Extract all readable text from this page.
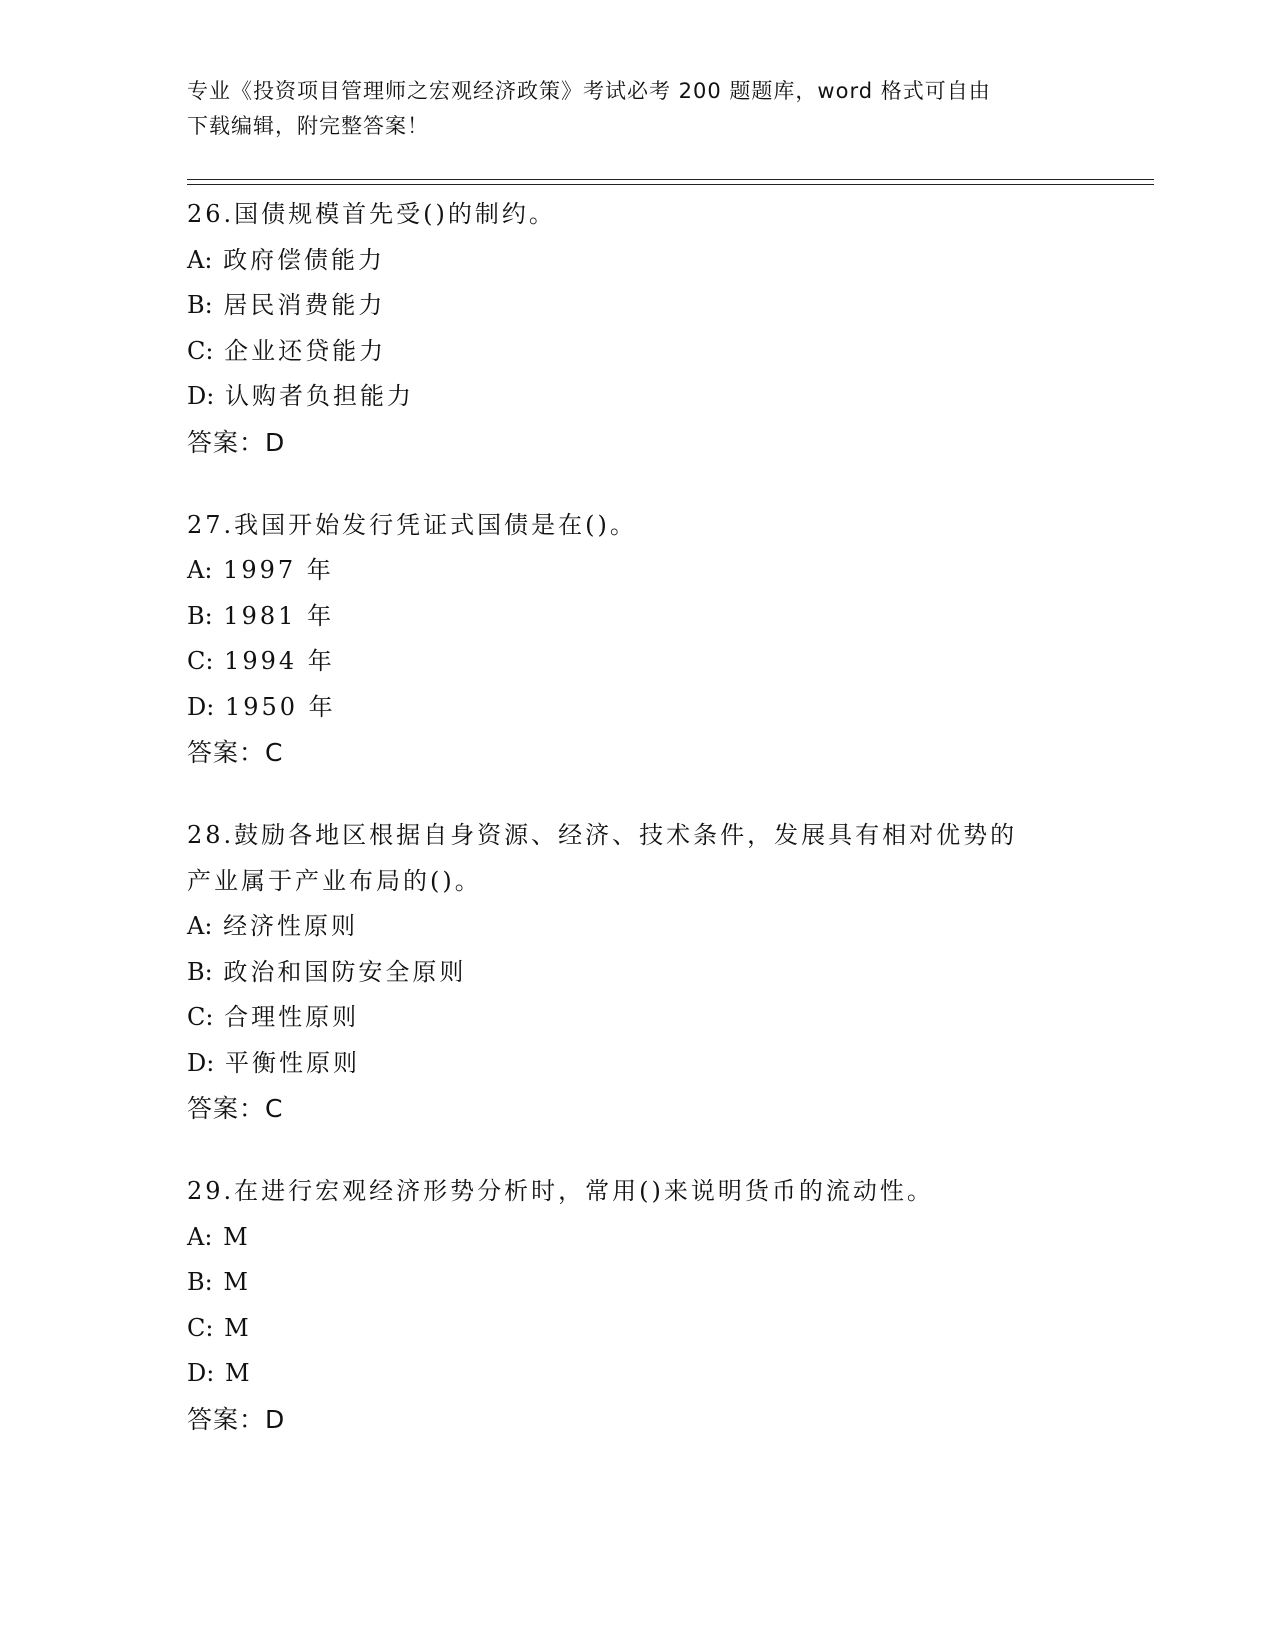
专业《投资项目管理师之宏观经济政策》考试必考 200 题题库，word 格式可自由
下载编辑，附完整答案！
26.国债规模首先受()的制约。
A: 政府偿债能力
B: 居民消费能力
C: 企业还贷能力
D: 认购者负担能力
答案：D
27.我国开始发行凭证式国债是在()。
A: 1997 年
B: 1981 年
C: 1994 年
D: 1950 年
答案：C
28.鼓励各地区根据自身资源、经济、技术条件，发展具有相对优势的
产业属于产业布局的()。
A: 经济性原则
B: 政治和国防安全原则
C: 合理性原则
D: 平衡性原则
答案：C
29.在进行宏观经济形势分析时，常用()来说明货币的流动性。
A: M
B: M
C: M
D: M
答案：D
